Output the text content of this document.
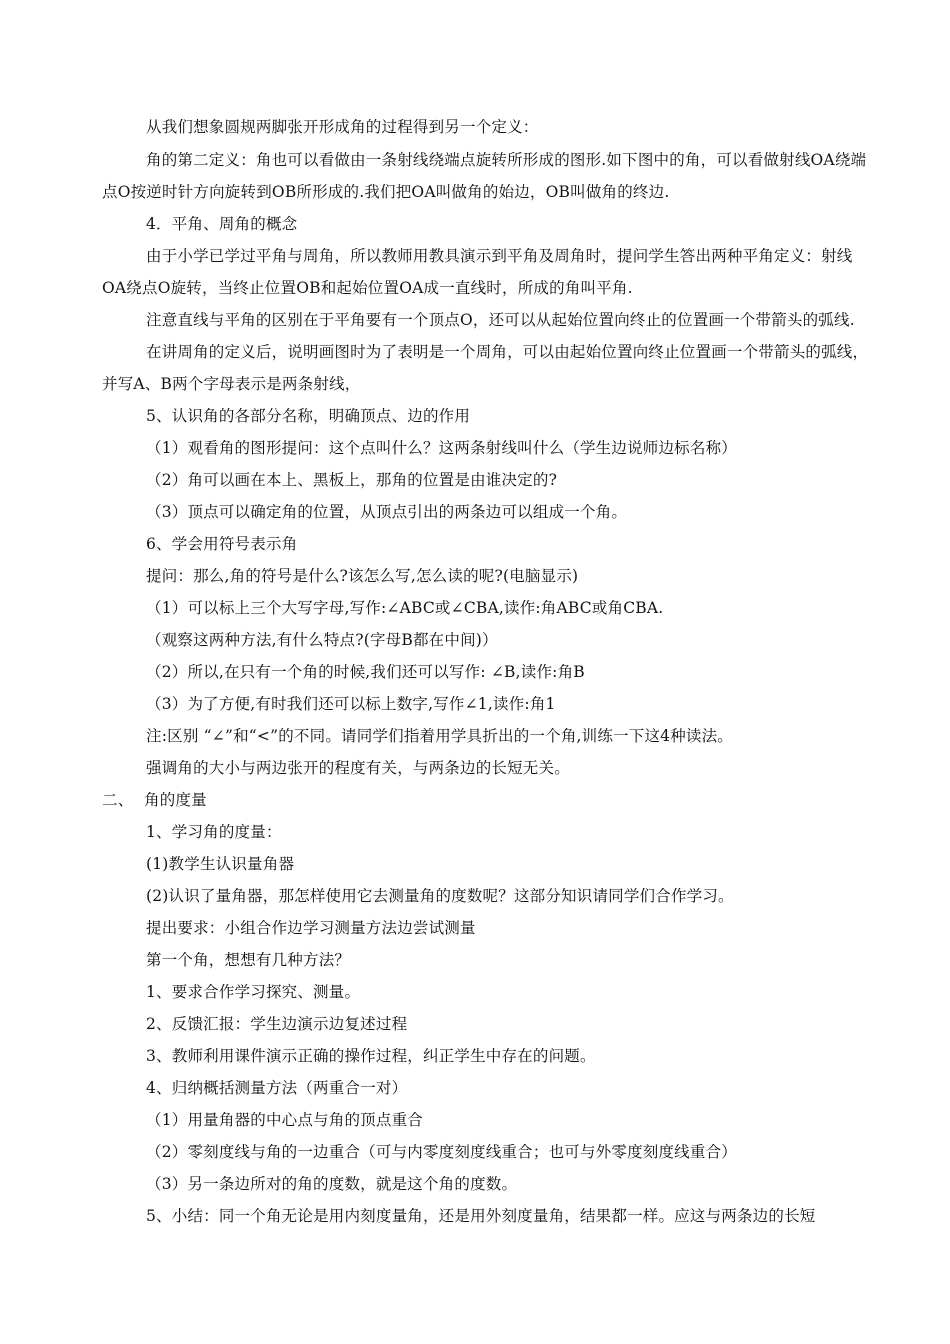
从我们想象圆规两脚张开形成角的过程得到另一个定义：
角的第二定义：角也可以看做由一条射线绕端点旋转所形成的图形.如下图中的角，可以看做射线OA绕端
点O按逆时针方向旋转到OB所形成的.我们把OA叫做角的始边，OB叫做角的终边.
4．平角、周角的概念
由于小学已学过平角与周角，所以教师用教具演示到平角及周角时，提问学生答出两种平角定义：射线
OA绕点O旋转，当终止位置OB和起始位置OA成一直线时，所成的角叫平角.
注意直线与平角的区别在于平角要有一个顶点O，还可以从起始位置向终止的位置画一个带箭头的弧线.
在讲周角的定义后，说明画图时为了表明是一个周角，可以由起始位置向终止位置画一个带箭头的弧线，
并写A、B两个字母表示是两条射线，
5、认识角的各部分名称，明确顶点、边的作用
（1）观看角的图形提问：这个点叫什么？这两条射线叫什么（学生边说师边标名称）
（2）角可以画在本上、黑板上，那角的位置是由谁决定的?
（3）顶点可以确定角的位置，从顶点引出的两条边可以组成一个角。
6、学会用符号表示角
提问：那么,角的符号是什么?该怎么写,怎么读的呢?(电脑显示)
（1）可以标上三个大写字母,写作:∠ABC或∠CBA,读作:角ABC或角CBA.
（观察这两种方法,有什么特点?(字母B都在中间)）
（2）所以,在只有一个角的时候,我们还可以写作: ∠B,读作:角B
（3）为了方便,有时我们还可以标上数字,写作∠1,读作:角1
注:区别 “∠”和“<”的不同。请同学们指着用学具折出的一个角,训练一下这4种读法。
强调角的大小与两边张开的程度有关，与两条边的长短无关。
二、 角的度量
1、学习角的度量：
(1)教学生认识量角器
(2)认识了量角器，那怎样使用它去测量角的度数呢？这部分知识请同学们合作学习。
提出要求：小组合作边学习测量方法边尝试测量
第一个角，想想有几种方法？
1、要求合作学习探究、测量。
2、反馈汇报：学生边演示边复述过程
3、教师利用课件演示正确的操作过程，纠正学生中存在的问题。
4、归纳概括测量方法（两重合一对）
（1）用量角器的中心点与角的顶点重合
（2）零刻度线与角的一边重合（可与内零度刻度线重合；也可与外零度刻度线重合）
（3）另一条边所对的角的度数，就是这个角的度数。
5、小结：同一个角无论是用内刻度量角，还是用外刻度量角，结果都一样。应这与两条边的长短
